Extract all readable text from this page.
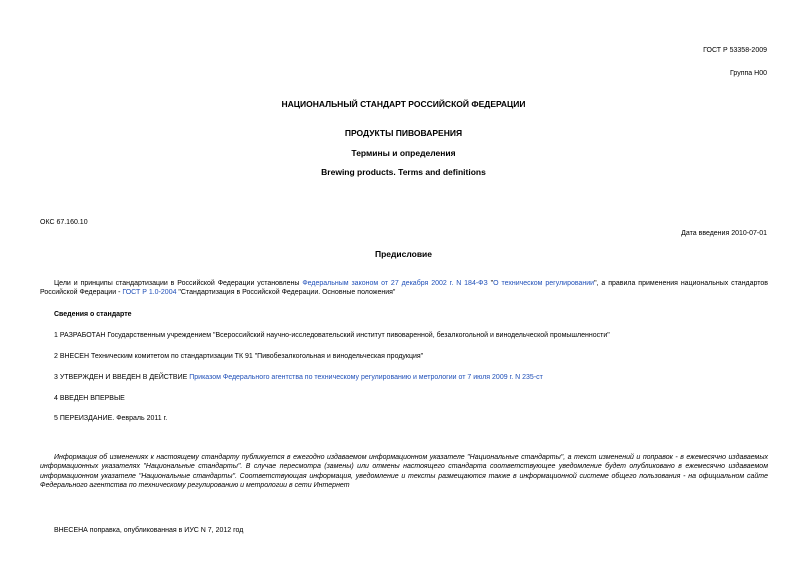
ГОСТ Р 53358-2009
Группа Н00
НАЦИОНАЛЬНЫЙ СТАНДАРТ РОССИЙСКОЙ ФЕДЕРАЦИИ
ПРОДУКТЫ ПИВОВАРЕНИЯ
Термины и определения
Brewing products. Terms and definitions
ОКС 67.160.10
Дата введения 2010-07-01
Предисловие
Цели и принципы стандартизации в Российской Федерации установлены Федеральным законом от 27 декабря 2002 г. N 184-ФЗ "О техническом регулировании", а правила применения национальных стандартов Российской Федерации - ГОСТ Р 1.0-2004 "Стандартизация в Российской Федерации. Основные положения"
Сведения о стандарте
1 РАЗРАБОТАН Государственным учреждением "Всероссийский научно-исследовательский институт пивоваренной, безалкогольной и винодельческой промышленности"
2 ВНЕСЕН Техническим комитетом по стандартизации ТК 91 "Пивобезалкогольная и винодельческая продукция"
3 УТВЕРЖДЕН И ВВЕДЕН В ДЕЙСТВИЕ Приказом Федерального агентства по техническому регулированию и метрологии от 7 июля 2009 г. N 235-ст
4 ВВЕДЕН ВПЕРВЫЕ
5 ПЕРЕИЗДАНИЕ. Февраль 2011 г.
Информация об изменениях к настоящему стандарту публикуется в ежегодно издаваемом информационном указателе "Национальные стандарты", а текст изменений и поправок - в ежемесячно издаваемых информационных указателях "Национальные стандарты". В случае пересмотра (замены) или отмены настоящего стандарта соответствующее уведомление будет опубликовано в ежемесячно издаваемом информационном указателе "Национальные стандарты". Соответствующая информация, уведомление и тексты размещаются также в информационной системе общего пользования - на официальном сайте Федерального агентства по техническому регулированию и метрологии в сети Интернет
ВНЕСЕНА поправка, опубликованная в ИУС N 7, 2012 год
